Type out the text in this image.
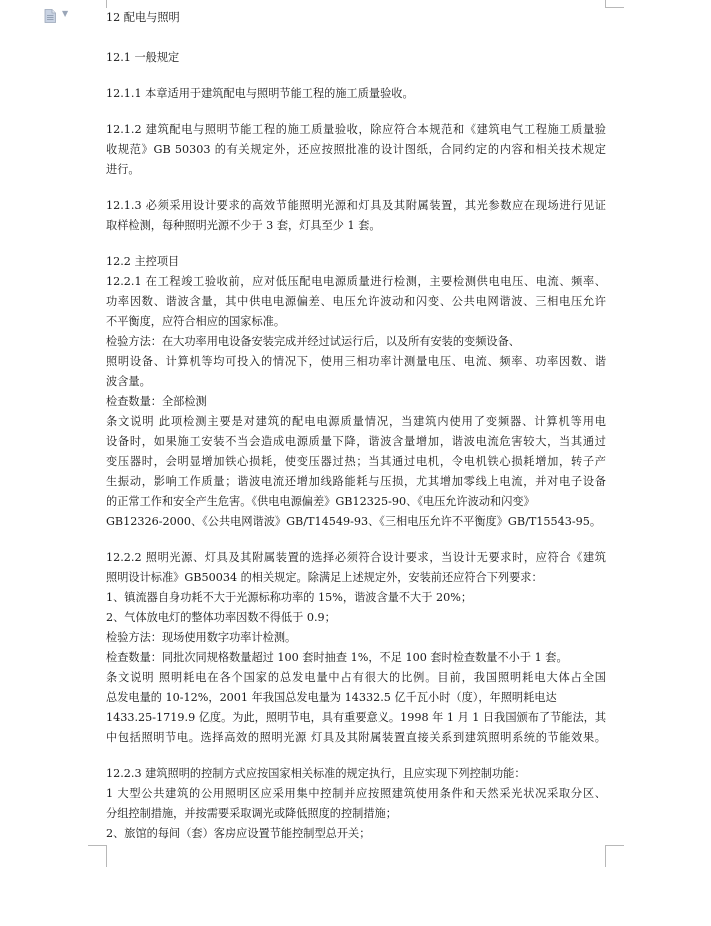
▼	12 配电与照明
12.1 一般规定
12.1.1 本章适用于建筑配电与照明节能工程的施工质量验收。
12.1.2 建筑配电与照明节能工程的施工质量验收，除应符合本规范和《建筑电气工程施工质量验
收规范》GB 50303 的有关规定外，还应按照批准的设计图纸，合同约定的内容和相关技术规定
进行。
12.1.3 必须采用设计要求的高效节能照明光源和灯具及其附属装置，其光参数应在现场进行见证
取样检测，每种照明光源不少于 3 套，灯具至少 1 套。
12.2 主控项目
12.2.1 在工程竣工验收前，应对低压配电电源质量进行检测，主要检测供电电压、电流、频率、
功率因数、谐波含量，其中供电电源偏差、电压允许波动和闪变、公共电网谐波、三相电压允许
不平衡度，应符合相应的国家标准。
检验方法：在大功率用电设备安装完成并经过试运行后，以及所有安装的变频设备、
照明设备、计算机等均可投入的情况下，使用三相功率计测量电压、电流、频率、功率因数、谐
波含量。
检查数量：全部检测
条文说明 此项检测主要是对建筑的配电电源质量情况，当建筑内使用了变频器、计算机等用电
设备时，如果施工安装不当会造成电源质量下降，谐波含量增加，谐波电流危害较大，当其通过
变压器时，会明显增加铁心损耗，使变压器过热；当其通过电机，令电机铁心损耗增加，转子产
生振动，影响工作质量；谐波电流还增加线路能耗与压损，尤其增加零线上电流，并对电子设备
的正常工作和安全产生危害。《供电电源偏差》GB12325-90、《电压允许波动和闪变》
GB12326-2000、《公共电网谐波》GB/T14549-93、《三相电压允许不平衡度》GB/T15543-95。
12.2.2 照明光源、灯具及其附属装置的选择必须符合设计要求，当设计无要求时，应符合《建筑
照明设计标准》GB50034 的相关规定。除满足上述规定外，安装前还应符合下列要求：
1、镇流器自身功耗不大于光源标称功率的 15%，谐波含量不大于 20%；
2、气体放电灯的整体功率因数不得低于 0.9；
检验方法：现场使用数字功率计检测。
检查数量：同批次同规格数量超过 100 套时抽查 1%，不足 100 套时检查数量不小于 1 套。
条文说明 照明耗电在各个国家的总发电量中占有很大的比例。目前，我国照明耗电大体占全国
总发电量的 10-12%，2001 年我国总发电量为 14332.5 亿千瓦小时（度），年照明耗电达
1433.25-1719.9 亿度。为此，照明节电，具有重要意义。1998 年 1 月 1 日我国颁布了节能法，其
中包括照明节电。选择高效的照明光源 灯具及其附属装置直接关系到建筑照明系统的节能效果。
12.2.3 建筑照明的控制方式应按国家相关标准的规定执行，且应实现下列控制功能：
1 大型公共建筑的公用照明区应采用集中控制并应按照建筑使用条件和天然采光状况采取分区、
分组控制措施，并按需要采取调光或降低照度的控制措施；
2、旅馆的每间（套）客房应设置节能控制型总开关；
